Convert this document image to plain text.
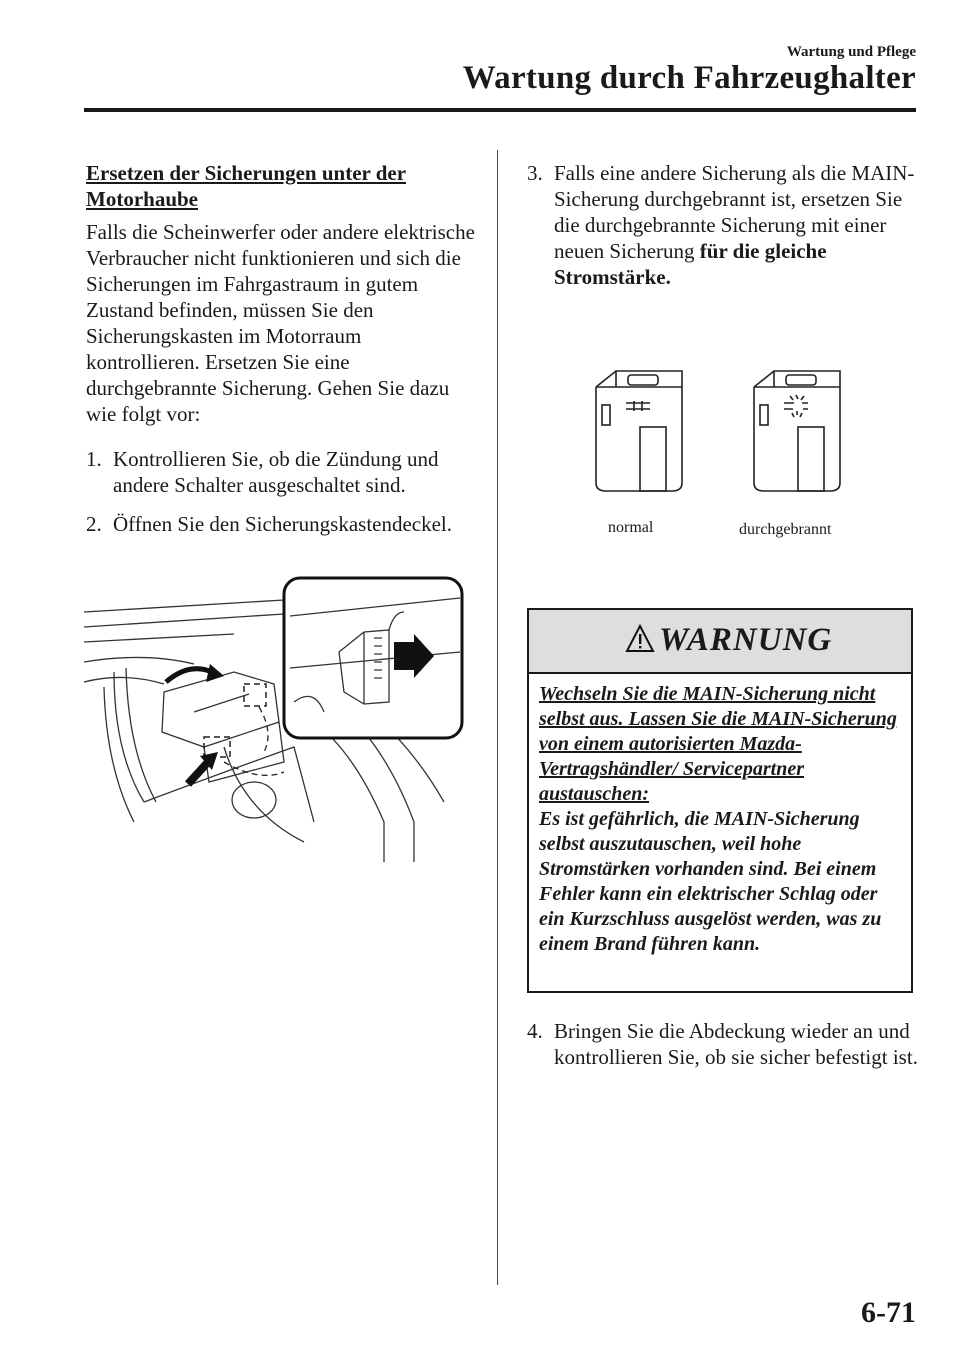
Wartung und Pflege
Wartung durch Fahrzeughalter
Ersetzen der Sicherungen unter der Motorhaube
Falls die Scheinwerfer oder andere elektrische Verbraucher nicht funktionieren und sich die Sicherungen im Fahrgastraum in gutem Zustand befinden, müssen Sie den Sicherungskasten im Motorraum kontrollieren. Ersetzen Sie eine durchgebrannte Sicherung. Gehen Sie dazu wie folgt vor:
1. Kontrollieren Sie, ob die Zündung und andere Schalter ausgeschaltet sind.
2. Öffnen Sie den Sicherungskastendeckel.
3. Falls eine andere Sicherung als die MAIN-Sicherung durchgebrannt ist, ersetzen Sie die durchgebrannte Sicherung mit einer neuen Sicherung für die gleiche Stromstärke.
normal	durchgebrannt
WARNUNG
Wechseln Sie die MAIN-Sicherung nicht selbst aus. Lassen Sie die MAIN-Sicherung von einem autorisierten Mazda-Vertragshändler/ Servicepartner austauschen:
Es ist gefährlich, die MAIN-Sicherung selbst auszutauschen, weil hohe Stromstärken vorhanden sind. Bei einem Fehler kann ein elektrischer Schlag oder ein Kurzschluss ausgelöst werden, was zu einem Brand führen kann.
4. Bringen Sie die Abdeckung wieder an und kontrollieren Sie, ob sie sicher befestigt ist.
6-71
